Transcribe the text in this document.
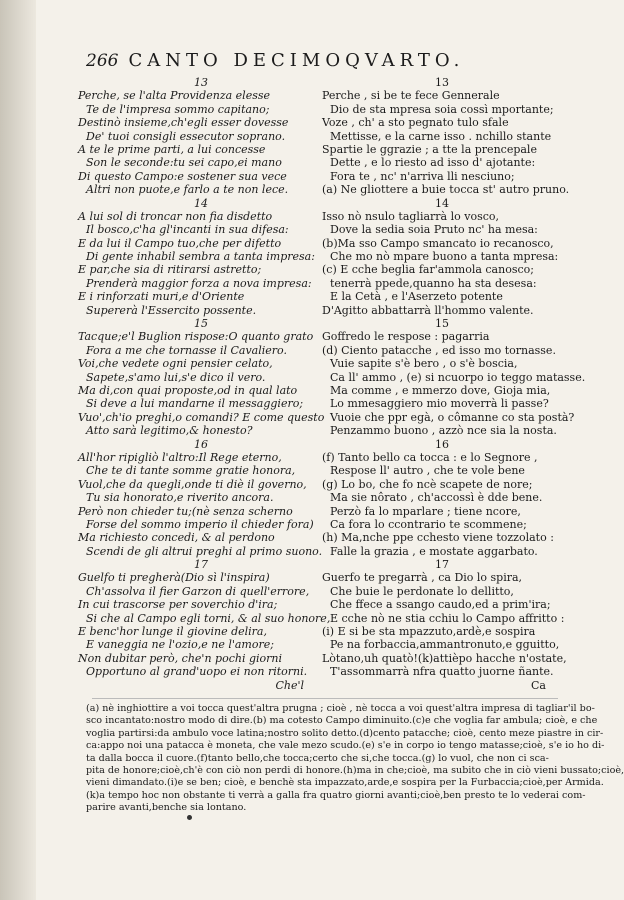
266 CANTO DECIMOQVARTO.
13
Perche, se l'alta Providenza elesse
Te de l'impresa sommo capitano;
Destinò insieme,ch'egli esser dovesse
De' tuoi consigli essecutor soprano.
A te le prime parti, a lui concesse
Son le seconde:tu sei capo,ei mano
Di questo Campo:e sostener sua vece
Altri non puote,e farlo a te non lece.
14
A lui sol di troncar non fia disdetto
Il bosco,c'ha gl'incanti in sua difesa:
E da lui il Campo tuo,che per difetto
Di gente inhabil sembra a tanta impresa:
E par,che sia di ritirarsi astretto;
Prenderà maggior forza a nova impresa:
E i rinforzati muri,e d'Oriente
Supererà l'Essercito possente.
15
Tacque;e'l Buglion rispose:O quanto grato
Fora a me che tornasse il Cavaliero.
Voi,che vedete ogni pensier celato,
Sapete,s'amo lui,s'e dico il vero.
Ma di,con quai proposte,od in qual lato
Si deve a lui mandarne il messaggiero;
Vuo',ch'io preghi,o comandi? E come questo
Atto sarà legitimo,& honesto?
16
All'hor ripigliò l'altro:Il Rege eterno,
Che te di tante somme gratie honora,
Vuol,che da quegli,onde ti diè il governo,
Tu sia honorato,e riverito ancora.
Però non chieder tu;(nè senza scherno
Forse del sommo imperio il chieder fora)
Ma richiesto concedi, & al perdono
Scendi de gli altrui preghi al primo suono.
17
Guelfo ti pregherà(Dio sì l'inspira)
Ch'assolva il fier Garzon di quell'errore,
In cui trascorse per soverchio d'ira;
Si che al Campo egli torni, & al suo honore,
E benc'hor lunge il giovine delira,
E vaneggia ne l'ozio,e ne l'amore;
Non dubitar però, che'n pochi giorni
Opportuno al grand'uopo ei non ritorni.
Che'l
13
Perche , si be te fece Gennerale
Dio de sta mpresa soia cossì mportante;
Voze , ch' a sto pegnato tulo sfale
Mettisse, e la carne isso . nchillo stante
Spartie le ggrazie ; a tte la prencepale
Dette , e lo riesto ad isso d' ajotante:
Fora te , nc' n'arriva lli nesciuno;
(a) Ne gliottere a buie tocca st' autro pruno.
14
Isso nò nsulo tagliarrà lo vosco,
Dove la sedia soia Pruto nc' ha mesa:
(b)Ma sso Campo smancato io recanosco,
Che mo nò mpare buono a tanta mpresa:
(c) E cche beglia far'ammola canosco;
tenerrà ppede,quanno ha sta desesa:
E la Cetà , e l'Aserzeto potente
D'Agitto abbattarrà ll'hommo valente.
15
Goffredo le respose : pagarria
(d) Ciento patacche , ed isso mo tornasse.
Vuie sapite s'è bero , o s'è boscia,
Ca ll' ammo , (e) si ncuorpo io teggo matasse.
Ma comme , e mmerzo dove, Gioja mia,
Lo mmesaggiero mio moverrà li passe?
Vuoie che ppr egà, o cômanne co sta postà?
Penzammo buono , azzò nce sia la nosta.
16
(f) Tanto bello ca tocca : e lo Segnore ,
Respose ll' autro , che te vole bene
(g) Lo bo, che fo ncè scapete de nore;
Ma sie nôrato , ch'accossì è dde bene.
Perzò fa lo mparlare ; tiene ncore,
Ca fora lo ccontrario te scommene;
(h) Ma,nche ppe cchesto viene tozzolato :
Falle la grazia , e mostate aggarbato.
17
Guerfo te pregarrà , ca Dio lo spira,
Che buie le perdonate lo dellitto,
Che ffece a ssango caudo,ed a prim'ira;
E cche nò ne stia cchiu lo Campo affritto :
(i) E si be sta mpazzuto,ardè,e sospira
Pe na forbaccia,ammantronuto,e gguitto,
Lòtano,uh quatò!(k)attièpo hacche n'ostate,
T'assommarrà nfra quatto juorne ñante.
Ca
(a) nè inghiottire a voi tocca quest'altra prugna ; cioè , nè tocca a voi quest'altra impresa di tagliar'il bo-
sco incantato:nostro modo di dire.(b) ma cotesto Campo diminuito.(c)e che voglia far ambula; cioè, e che
voglia partirsi:da ambulo voce latina;nostro solito detto.(d)cento patacche; cioè, cento meze piastre in cir-
ca:appo noi una patacca è moneta, che vale mezo scudo.(e) s'e in corpo io tengo matasse;cioè, s'e io ho di-
ta dalla bocca il cuore.(f)tanto bello,che tocca;certo che si,che tocca.(g) lo vuol, che non ci sca-
pita de honore;cioè,ch'è con ciò non perdi di honore.(h)ma in che;cioè, ma subito che in ciò vieni bussato;cioè,
vieni dimandato.(i)e se ben; cioè, e benchè sta impazzato,arde,e sospira per la Furbaccia;cioè,per Armida.
(k)a tempo hoc non obstante ti verrà a galla fra quatro giorni avanti;cioè,ben presto te lo vederai com-
parire avanti,benche sia lontano.
